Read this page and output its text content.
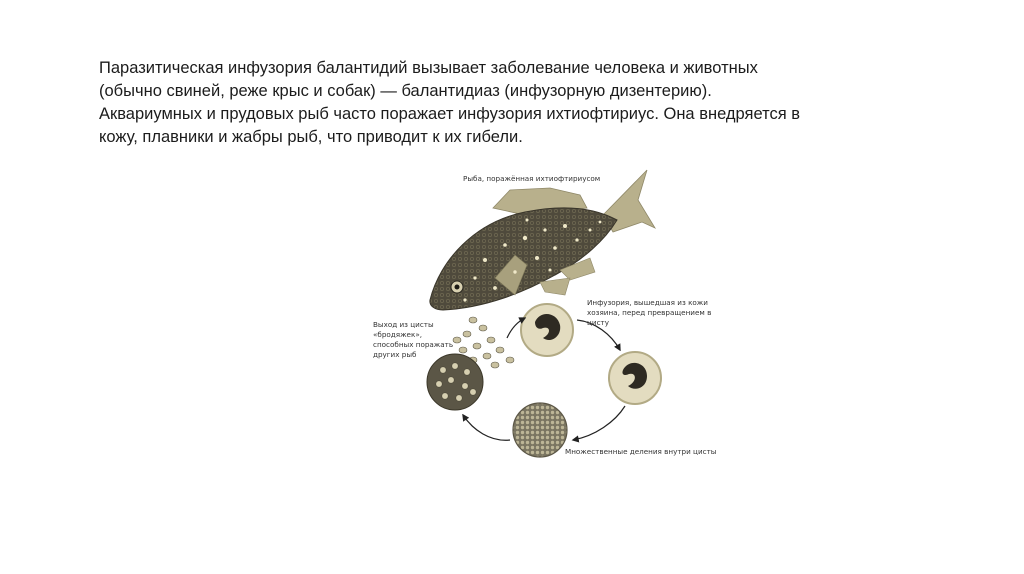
Паразитическая инфузория балантидий вызывает заболевание человека и животных

(обычно свиней, реже крыс и собак) — балантидиаз (инфузорную дизентерию).

Аквариумных и прудовых рыб часто поражает инфузория ихтиофтириус. Она внедряется в

кожу, плавники и жабры рыб, что приводит к их гибели.

Рыба, поражённая ихтиофтириусом
Выход из цисты
«бродяжек»,
способных поражать
других рыб
Инфузория, вышедшая из кожи
хозяина, перед превращением в цисту
Множественные деления внутри цисты
